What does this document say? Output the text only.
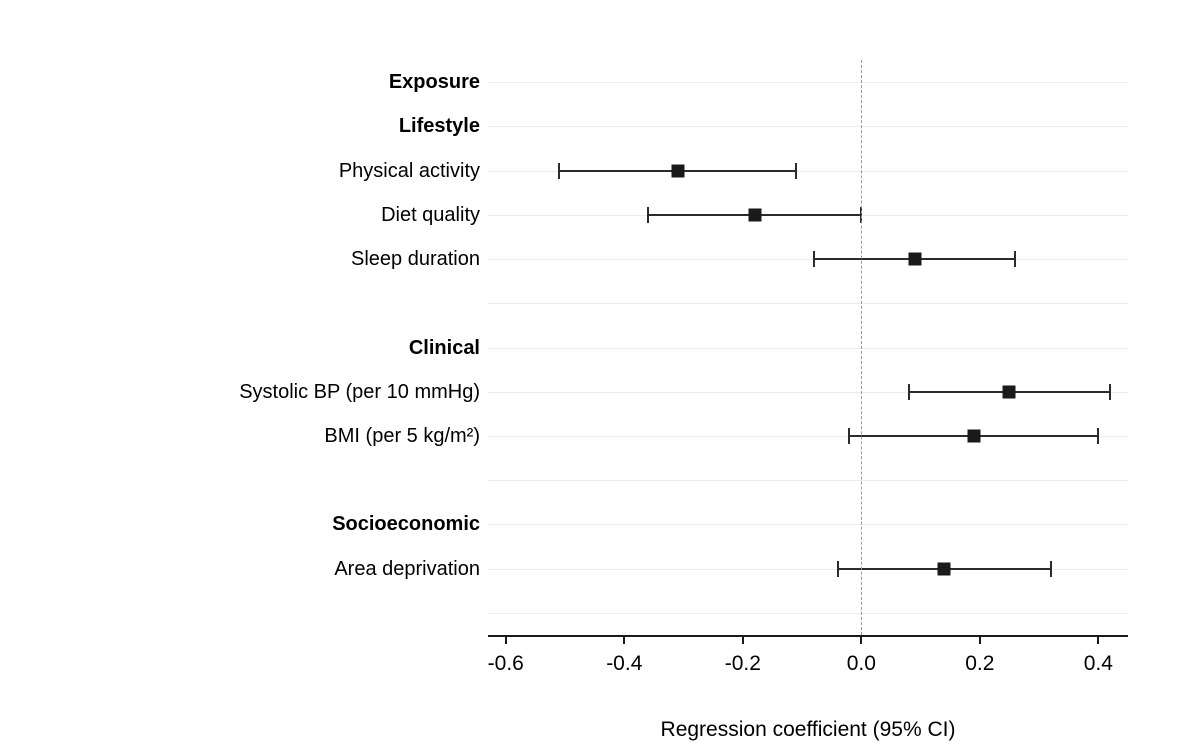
Exposure
Lifestyle
Physical activity
Diet quality
Sleep duration
Clinical
Systolic BP (per 10 mmHg)
BMI (per 5 kg/m²)
Socioeconomic
Area deprivation
Regression coefficient (95% CI)
-0.6	-0.4	-0.2	0.0	0.2	0.4
